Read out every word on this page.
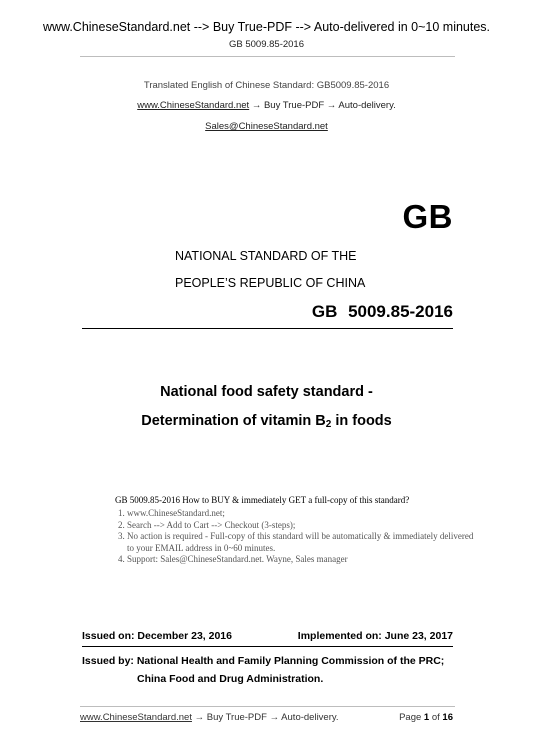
www.ChineseStandard.net --> Buy True-PDF --> Auto-delivered in 0~10 minutes.
GB 5009.85-2016
Translated English of Chinese Standard: GB5009.85-2016
www.ChineseStandard.net → Buy True-PDF → Auto-delivery.
Sales@ChineseStandard.net
GB
NATIONAL STANDARD OF THE
PEOPLE’S REPUBLIC OF CHINA
GB 5009.85-2016
National food safety standard -
Determination of vitamin $B_2$ in foods
GB 5009.85-2016 How to BUY & immediately GET a full-copy of this standard?
1. www.ChineseStandard.net;
2. Search --> Add to Cart --> Checkout (3-steps);
3. No action is required - Full-copy of this standard will be automatically & immediately delivered to your EMAIL address in 0~60 minutes.
4. Support: Sales@ChineseStandard.net. Wayne, Sales manager
Issued on: December 23, 2016	Implemented on: June 23, 2017
Issued by: National Health and Family Planning Commission of the PRC;
China Food and Drug Administration.
www.ChineseStandard.net → Buy True-PDF → Auto-delivery.	Page 1 of 16
